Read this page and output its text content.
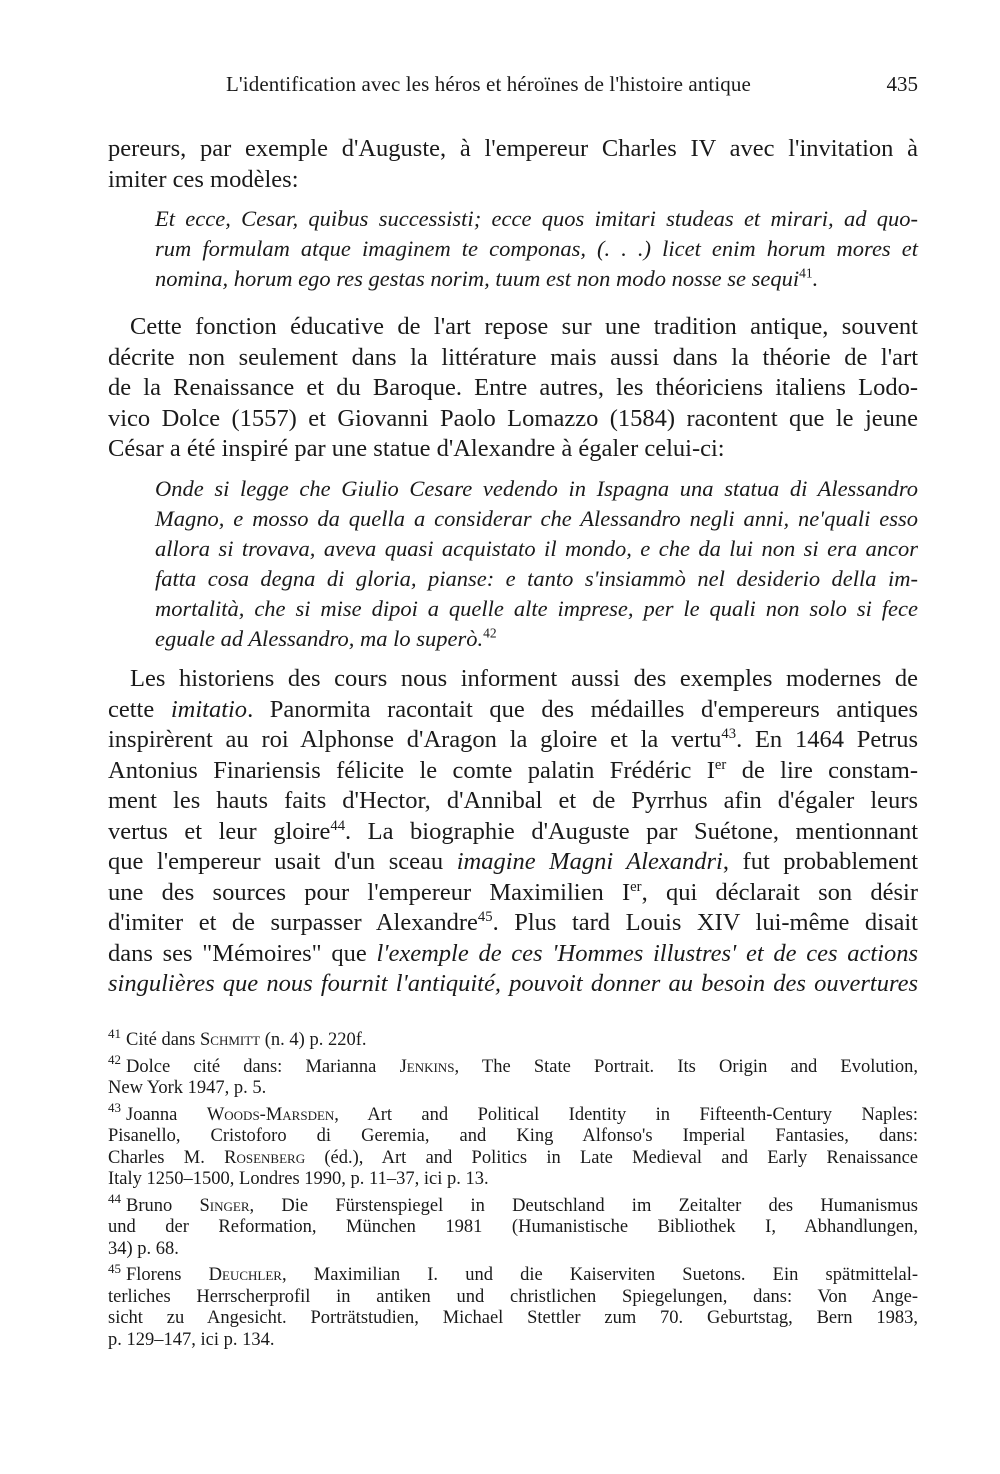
L'identification avec les héros et héroïnes de l'histoire antique	435
pereurs, par exemple d'Auguste, à l'empereur Charles IV avec l'invitation à
imiter ces modèles:
Et ecce, Cesar, quibus successisti; ecce quos imitari studeas et mirari, ad quo-
rum formulam atque imaginem te componas, (. . .) licet enim horum mores et
nomina, horum ego res gestas norim, tuum est non modo nosse se sequi$^{41}$.
Cette fonction éducative de l'art repose sur une tradition antique, souvent
décrite non seulement dans la littérature mais aussi dans la théorie de l'art
de la Renaissance et du Baroque. Entre autres, les théoriciens italiens Lodo-
vico Dolce (1557) et Giovanni Paolo Lomazzo (1584) racontent que le jeune
César a été inspiré par une statue d'Alexandre à égaler celui-ci:
Onde si legge che Giulio Cesare vedendo in Ispagna una statua di Alessandro
Magno, e mosso da quella a considerar che Alessandro negli anni, ne'quali esso
allora si trovava, aveva quasi acquistato il mondo, e che da lui non si era ancor
fatta cosa degna di gloria, pianse: e tanto s'insiammò nel desiderio della im-
mortalità, che si mise dipoi a quelle alte imprese, per le quali non solo si fece
eguale ad Alessandro, ma lo superò.$^{42}$
Les historiens des cours nous informent aussi des exemples modernes de
cette imitatio. Panormita racontait que des médailles d'empereurs antiques
inspirèrent au roi Alphonse d'Aragon la gloire et la vertu$^{43}$. En 1464 Petrus
Antonius Finariensis félicite le comte palatin Frédéric Ier de lire constam-
ment les hauts faits d'Hector, d'Annibal et de Pyrrhus afin d'égaler leurs
vertus et leur gloire$^{44}$. La biographie d'Auguste par Suétone, mentionnant
que l'empereur usait d'un sceau imagine Magni Alexandri, fut probablement
une des sources pour l'empereur Maximilien Ier, qui déclarait son désir
d'imiter et de surpasser Alexandre$^{45}$. Plus tard Louis XIV lui-même disait
dans ses "Mémoires" que l'exemple de ces 'Hommes illustres' et de ces actions
singulières que nous fournit l'antiquité, pouvoit donner au besoin des ouvertures
$^{41}$ Cité dans Schmitt (n. 4) p. 220f.
$^{42}$ Dolce cité dans: Marianna Jenkins, The State Portrait. Its Origin and Evolution,
New York 1947, p. 5.
$^{43}$ Joanna Woods-Marsden, Art and Political Identity in Fifteenth-Century Naples:
Pisanello, Cristoforo di Geremia, and King Alfonso's Imperial Fantasies, dans:
Charles M. Rosenberg (éd.), Art and Politics in Late Medieval and Early Renaissance
Italy 1250–1500, Londres 1990, p. 11–37, ici p. 13.
$^{44}$ Bruno Singer, Die Fürstenspiegel in Deutschland im Zeitalter des Humanismus
und der Reformation, München 1981 (Humanistische Bibliothek I, Abhandlungen,
34) p. 68.
$^{45}$ Florens Deuchler, Maximilian I. und die Kaiserviten Suetons. Ein spätmittelal-
terliches Herrscherprofil in antiken und christlichen Spiegelungen, dans: Von Ange-
sicht zu Angesicht. Porträtstudien, Michael Stettler zum 70. Geburtstag, Bern 1983,
p. 129–147, ici p. 134.
